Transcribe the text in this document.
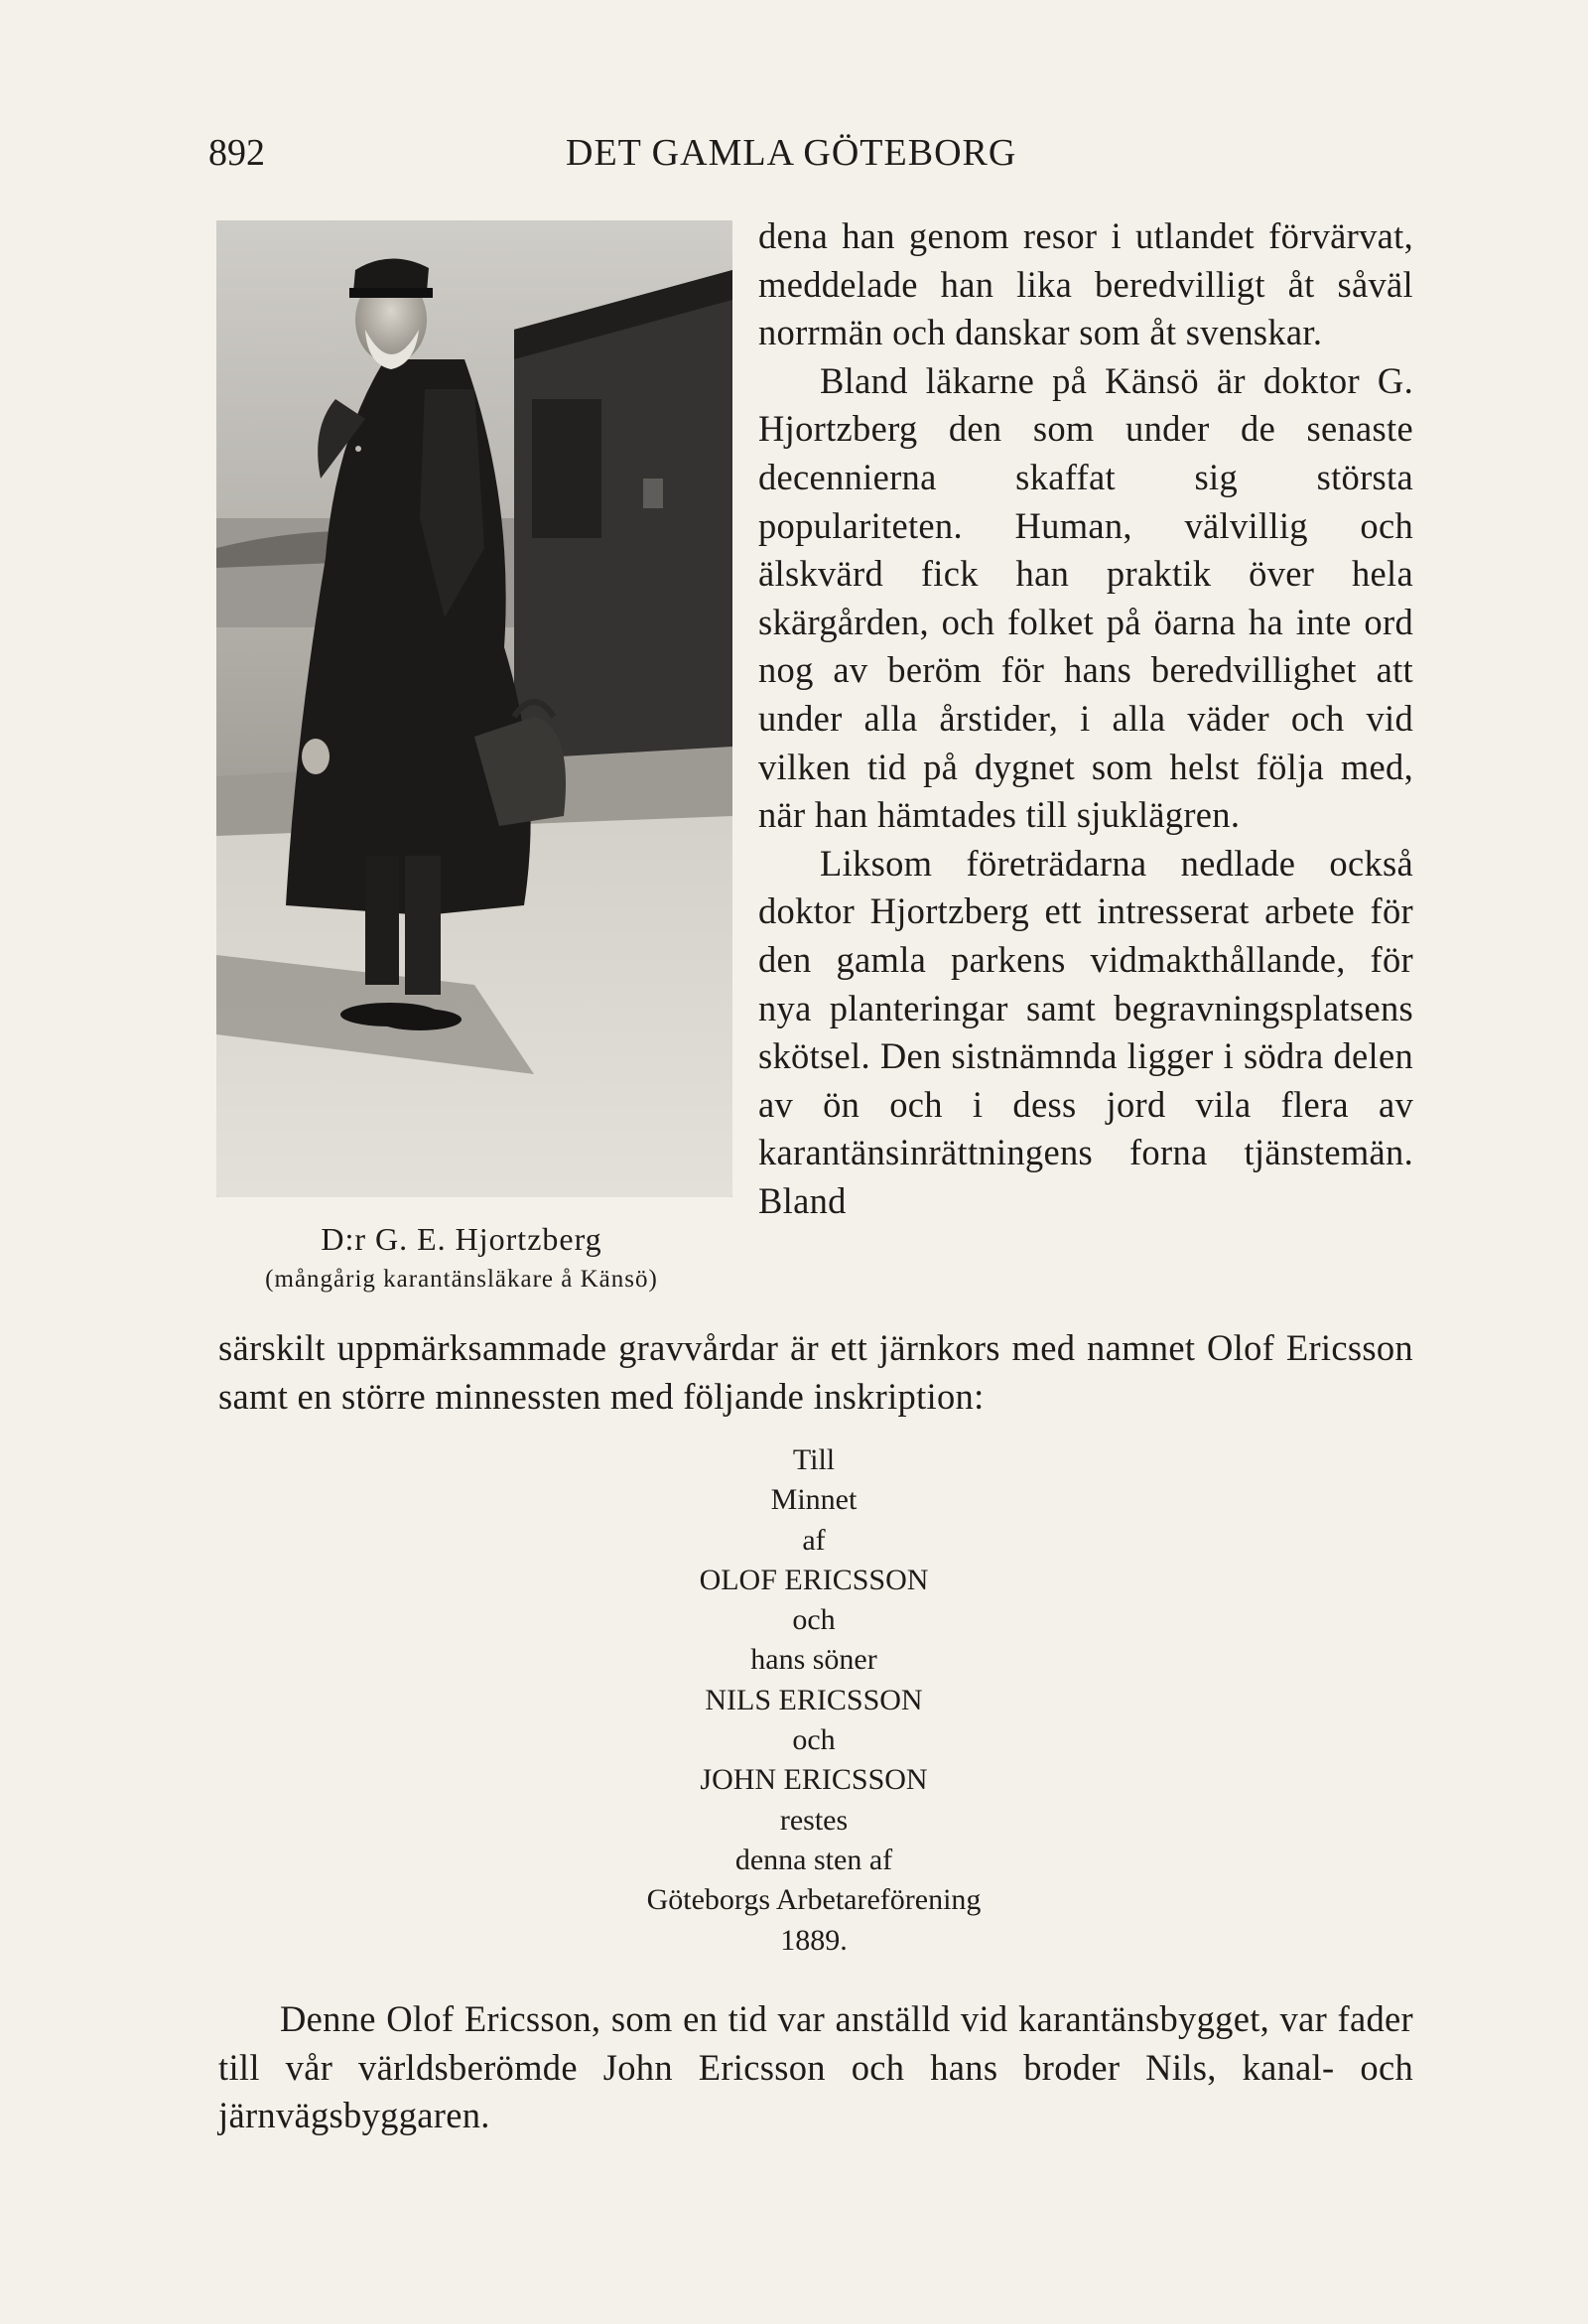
892	DET GAMLA GÖTEBORG
D:r G. E. Hjortzberg
(mångårig karantänsläkare å Känsö)

dena han genom resor i utlandet förvärvat, meddelade han lika beredvilligt åt såväl norrmän och danskar som åt svenskar.

Bland läkarne på Känsö är doktor G. Hjortzberg den som under de senaste decennierna skaffat sig största populariteten. Human, välvillig och älskvärd fick han praktik över hela skärgården, och folket på öarna ha inte ord nog av beröm för hans beredvillighet att under alla årstider, i alla väder och vid vilken tid på dygnet som helst följa med, när han hämtades till sjuklägren.

Liksom företrädarna nedlade också doktor Hjortzberg ett intresserat arbete för den gamla parkens vidmakthållande, för nya planteringar samt begravningsplatsens skötsel. Den sistnämnda ligger i södra delen av ön och i dess jord vila flera av karantänsinrättningens forna tjänstemän. Bland

särskilt uppmärksammade gravvårdar är ett järnkors med namnet Olof Ericsson samt en större minnessten med följande inskription:

Till
Minnet
af
OLOF ERICSSON
och
hans söner
NILS ERICSSON
och
JOHN ERICSSON
restes
denna sten af
Göteborgs Arbetareförening
1889.
Denne Olof Ericsson, som en tid var anställd vid karantänsbygget, var fader till vår världsberömde John Ericsson och hans broder Nils, kanal- och järnvägsbyggaren.
